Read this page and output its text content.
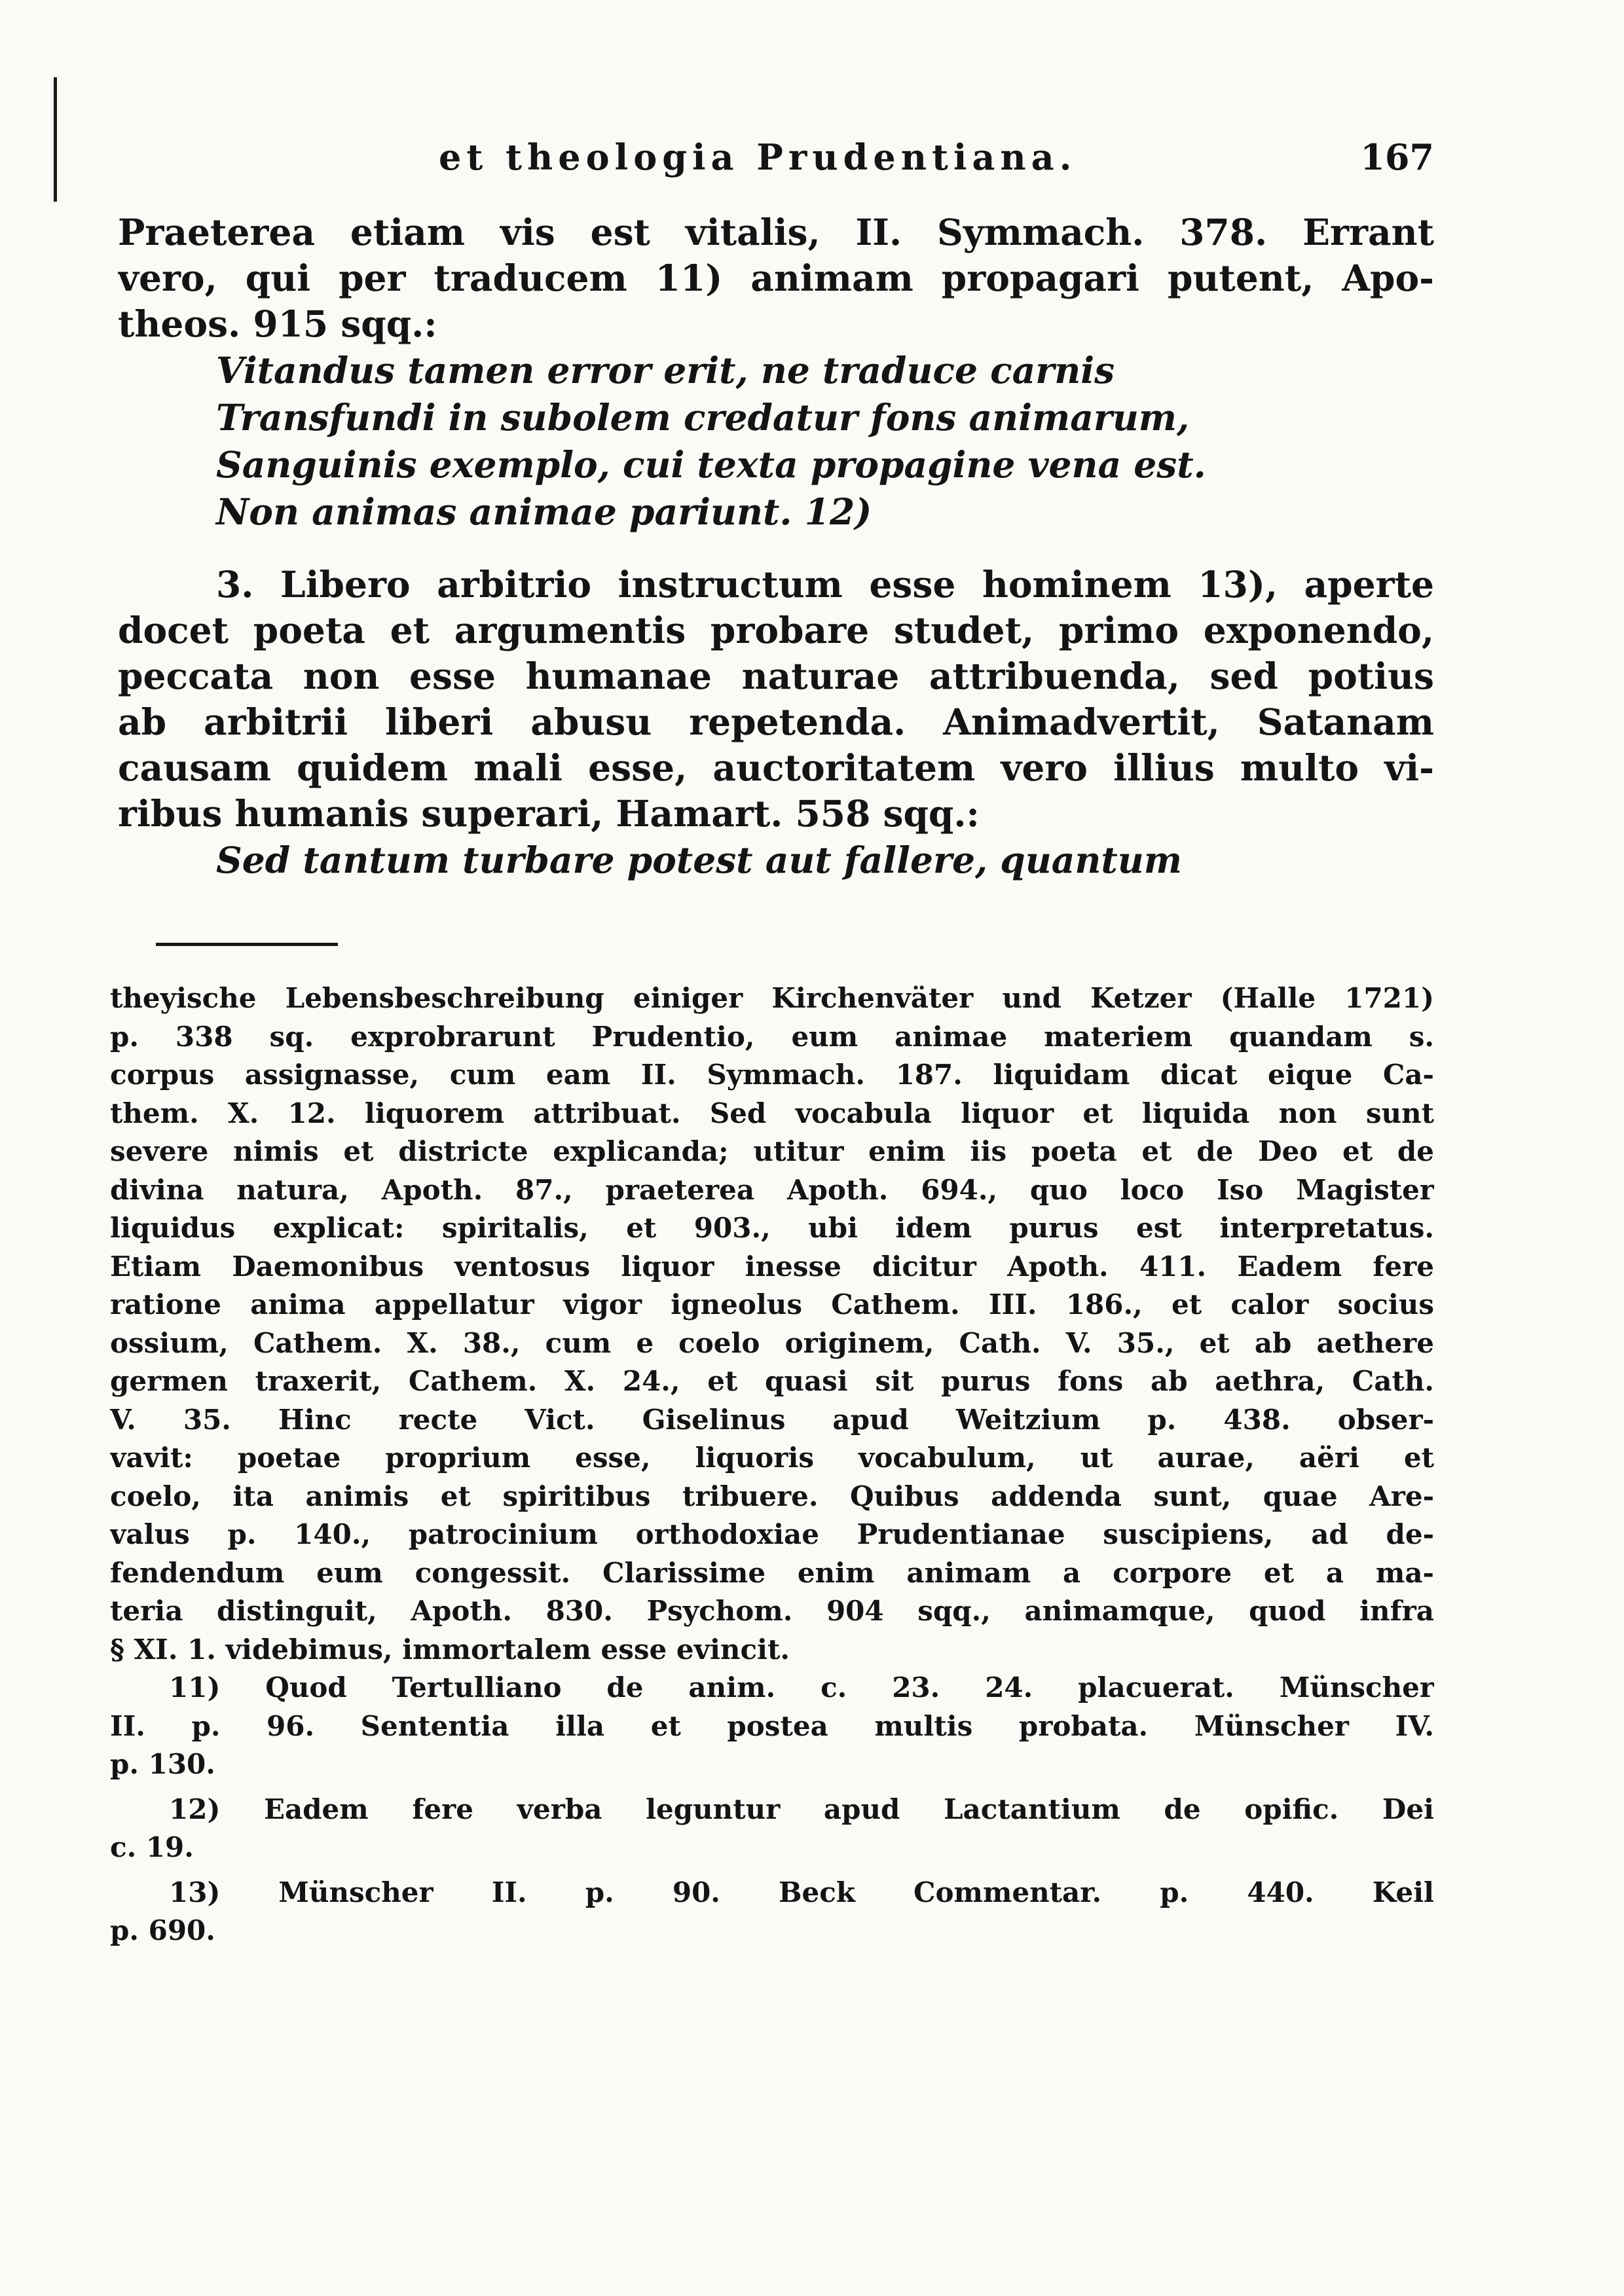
et theologia Prudentiana.	167
Praeterea etiam vis est vitalis, II. Symmach. 378. Errant
vero, qui per traducem 11) animam propagari putent, Apo-
theos. 915 sqq.:
Vitandus tamen error erit, ne traduce carnis
Transfundi in subolem credatur fons animarum,
Sanguinis exemplo, cui texta propagine vena est.
Non animas animae pariunt. 12)
3. Libero arbitrio instructum esse hominem 13), aperte
docet poeta et argumentis probare studet, primo exponendo,
peccata non esse humanae naturae attribuenda, sed potius
ab arbitrii liberi abusu repetenda. Animadvertit, Satanam
causam quidem mali esse, auctoritatem vero illius multo vi-
ribus humanis superari, Hamart. 558 sqq.:
Sed tantum turbare potest aut fallere, quantum
theyische Lebensbeschreibung einiger Kirchenväter und Ketzer (Halle 1721)
p. 338 sq. exprobrarunt Prudentio, eum animae materiem quandam s.
corpus assignasse, cum eam II. Symmach. 187. liquidam dicat eique Ca-
them. X. 12. liquorem attribuat. Sed vocabula liquor et liquida non sunt
severe nimis et districte explicanda; utitur enim iis poeta et de Deo et de
divina natura, Apoth. 87., praeterea Apoth. 694., quo loco Iso Magister
liquidus explicat: spiritalis, et 903., ubi idem purus est interpretatus.
Etiam Daemonibus ventosus liquor inesse dicitur Apoth. 411. Eadem fere
ratione anima appellatur vigor igneolus Cathem. III. 186., et calor socius
ossium, Cathem. X. 38., cum e coelo originem, Cath. V. 35., et ab aethere
germen traxerit, Cathem. X. 24., et quasi sit purus fons ab aethra, Cath.
V. 35. Hinc recte Vict. Giselinus apud Weitzium p. 438. obser-
vavit: poetae proprium esse, liquoris vocabulum, ut aurae, aëri et
coelo, ita animis et spiritibus tribuere. Quibus addenda sunt, quae Are-
valus p. 140., patrocinium orthodoxiae Prudentianae suscipiens, ad de-
fendendum eum congessit. Clarissime enim animam a corpore et a ma-
teria distinguit, Apoth. 830. Psychom. 904 sqq., animamque, quod infra
§ XI. 1. videbimus, immortalem esse evincit.
11) Quod Tertulliano de anim. c. 23. 24. placuerat. Münscher
II. p. 96. Sententia illa et postea multis probata. Münscher IV.
p. 130.
12) Eadem fere verba leguntur apud Lactantium de opific. Dei
c. 19.
13) Münscher II. p. 90. Beck Commentar. p. 440. Keil
p. 690.
